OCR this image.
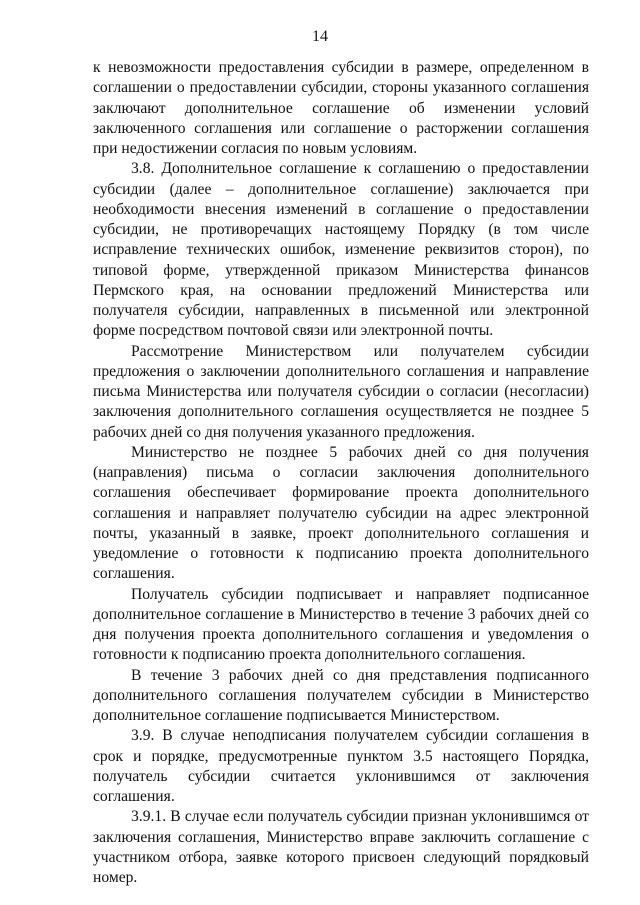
14

к невозможности предоставления субсидии в размере, определенном в соглашении о предоставлении субсидии, стороны указанного соглашения заключают дополнительное соглашение об изменении условий заключенного соглашения или соглашение о расторжении соглашения при недостижении согласия по новым условиям.

3.8. Дополнительное соглашение к соглашению о предоставлении субсидии (далее – дополнительное соглашение) заключается при необходимости внесения изменений в соглашение о предоставлении субсидии, не противоречащих настоящему Порядку (в том числе исправление технических ошибок, изменение реквизитов сторон), по типовой форме, утвержденной приказом Министерства финансов Пермского края, на основании предложений Министерства или получателя субсидии, направленных в письменной или электронной форме посредством почтовой связи или электронной почты.

Рассмотрение Министерством или получателем субсидии предложения о заключении дополнительного соглашения и направление письма Министерства или получателя субсидии о согласии (несогласии) заключения дополнительного соглашения осуществляется не позднее 5 рабочих дней со дня получения указанного предложения.

Министерство не позднее 5 рабочих дней со дня получения (направления) письма о согласии заключения дополнительного соглашения обеспечивает формирование проекта дополнительного соглашения и направляет получателю субсидии на адрес электронной почты, указанный в заявке, проект дополнительного соглашения и уведомление о готовности к подписанию проекта дополнительного соглашения.

Получатель субсидии подписывает и направляет подписанное дополнительное соглашение в Министерство в течение 3 рабочих дней со дня получения проекта дополнительного соглашения и уведомления о готовности к подписанию проекта дополнительного соглашения.

В течение 3 рабочих дней со дня представления подписанного дополнительного соглашения получателем субсидии в Министерство дополнительное соглашение подписывается Министерством.

3.9. В случае неподписания получателем субсидии соглашения в срок и порядке, предусмотренные пунктом 3.5 настоящего Порядка, получатель субсидии считается уклонившимся от заключения соглашения.

3.9.1. В случае если получатель субсидии признан уклонившимся от заключения соглашения, Министерство вправе заключить соглашение с участником отбора, заявке которого присвоен следующий порядковый номер.
